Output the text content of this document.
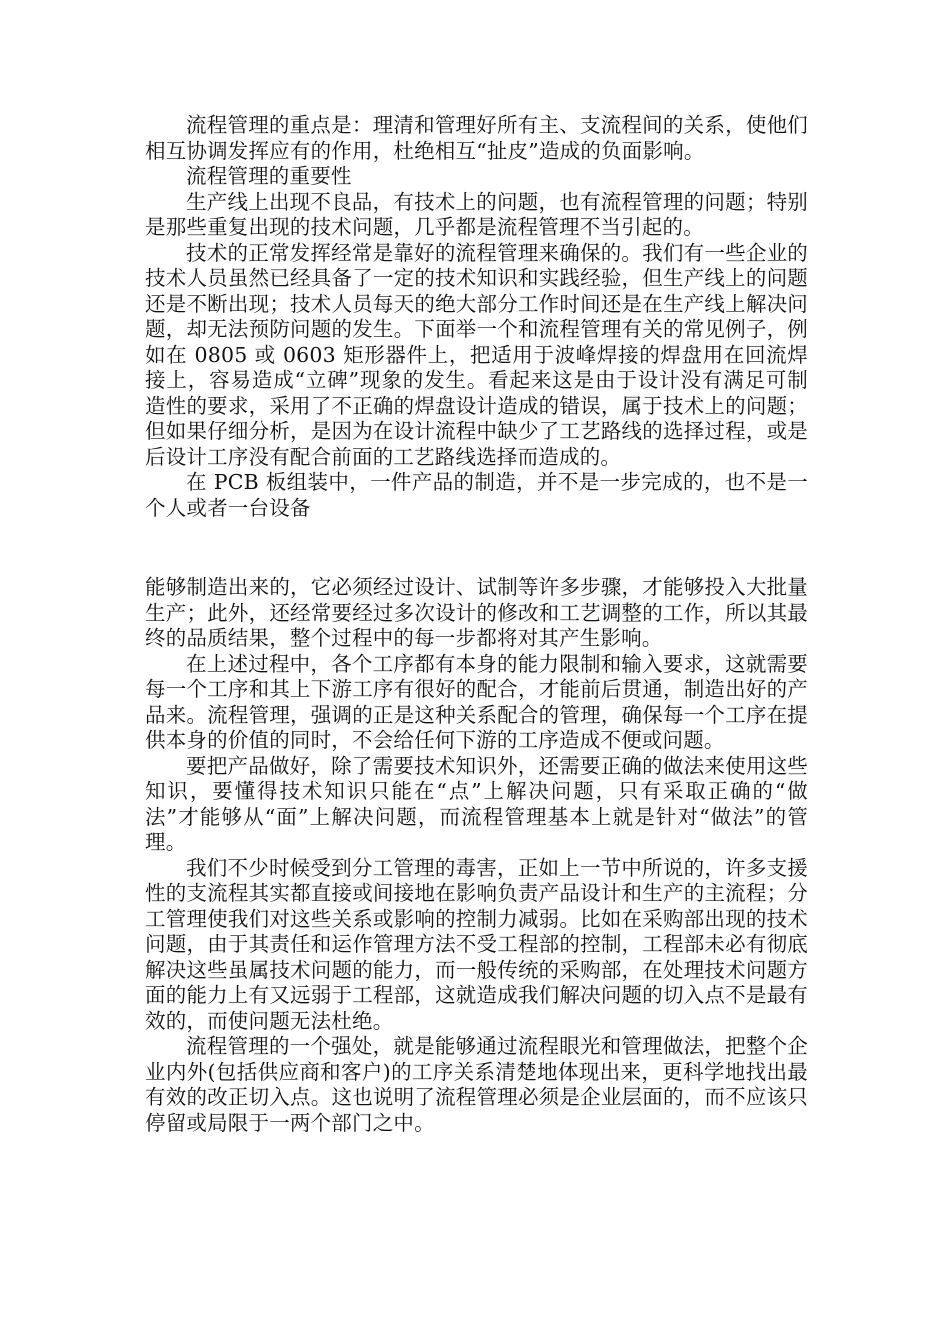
流程管理的重点是：理清和管理好所有主、支流程间的关系，使他们相互协调发挥应有的作用，杜绝相互“扯皮”造成的负面影响。

流程管理的重要性

生产线上出现不良品，有技术上的问题，也有流程管理的问题；特别是那些重复出现的技术问题，几乎都是流程管理不当引起的。

技术的正常发挥经常是靠好的流程管理来确保的。我们有一些企业的技术人员虽然已经具备了一定的技术知识和实践经验，但生产线上的问题还是不断出现；技术人员每天的绝大部分工作时间还是在生产线上解决问题，却无法预防问题的发生。下面举一个和流程管理有关的常见例子，例如在 0805 或 0603 矩形器件上，把适用于波峰焊接的焊盘用在回流焊接上，容易造成“立碑”现象的发生。看起来这是由于设计没有满足可制造性的要求，采用了不正确的焊盘设计造成的错误，属于技术上的问题；但如果仔细分析，是因为在设计流程中缺少了工艺路线的选择过程，或是后设计工序没有配合前面的工艺路线选择而造成的。

在 PCB 板组装中，一件产品的制造，并不是一步完成的，也不是一个人或者一台设备

能够制造出来的，它必须经过设计、试制等许多步骤，才能够投入大批量生产；此外，还经常要经过多次设计的修改和工艺调整的工作，所以其最终的品质结果，整个过程中的每一步都将对其产生影响。

在上述过程中，各个工序都有本身的能力限制和输入要求，这就需要每一个工序和其上下游工序有很好的配合，才能前后贯通，制造出好的产品来。流程管理，强调的正是这种关系配合的管理，确保每一个工序在提供本身的价值的同时，不会给任何下游的工序造成不便或问题。

要把产品做好，除了需要技术知识外，还需要正确的做法来使用这些知识，要懂得技术知识只能在“点”上解决问题，只有采取正确的“做法”才能够从“面”上解决问题，而流程管理基本上就是针对“做法”的管理。

我们不少时候受到分工管理的毒害，正如上一节中所说的，许多支援性的支流程其实都直接或间接地在影响负责产品设计和生产的主流程；分工管理使我们对这些关系或影响的控制力减弱。比如在采购部出现的技术问题，由于其责任和运作管理方法不受工程部的控制，工程部未必有彻底解决这些虽属技术问题的能力，而一般传统的采购部，在处理技术问题方面的能力上有又远弱于工程部，这就造成我们解决问题的切入点不是最有效的，而使问题无法杜绝。

流程管理的一个强处，就是能够通过流程眼光和管理做法，把整个企业内外(包括供应商和客户)的工序关系清楚地体现出来，更科学地找出最有效的改正切入点。这也说明了流程管理必须是企业层面的，而不应该只停留或局限于一两个部门之中。
